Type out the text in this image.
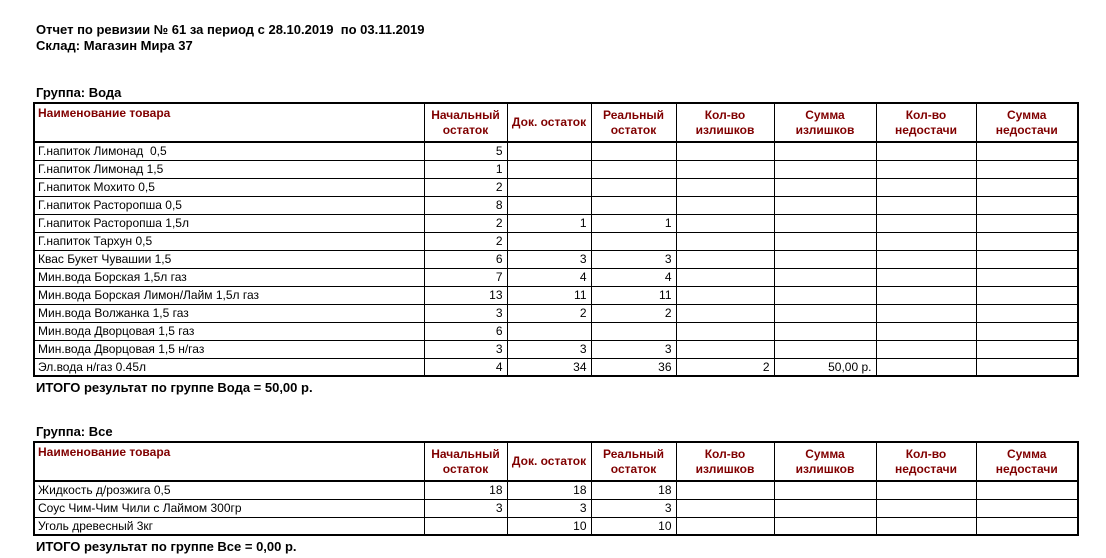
Отчет по ревизии № 61 за период с 28.10.2019  по 03.11.2019
Склад: Магазин Мира 37
Группа: Вода
Наименование товара	Начальный остаток	Док. остаток	Реальный остаток	Кол-во излишков	Сумма излишков	Кол-во недостачи	Сумма недостачи
Г.напиток Лимонад  0,5	5						
Г.напиток Лимонад 1,5	1						
Г.напиток Мохито 0,5	2						
Г.напиток Расторопша 0,5	8						
Г.напиток Расторопша 1,5л	2	1	1				
Г.напиток Тархун 0,5	2						
Квас Букет Чувашии 1,5	6	3	3				
Мин.вода Борская 1,5л газ	7	4	4				
Мин.вода Борская Лимон/Лайм 1,5л газ	13	11	11				
Мин.вода Волжанка 1,5 газ	3	2	2				
Мин.вода Дворцовая 1,5 газ	6						
Мин.вода Дворцовая 1,5 н/газ	3	3	3				
Эл.вода н/газ 0.45л	4	34	36	2	50,00 р.		
ИТОГО результат по группе Вода = 50,00 р.
Группа: Все
Наименование товара	Начальный остаток	Док. остаток	Реальный остаток	Кол-во излишков	Сумма излишков	Кол-во недостачи	Сумма недостачи
Жидкость д/розжига 0,5	18	18	18				
Соус Чим-Чим Чили с Лаймом 300гр	3	3	3				
Уголь древесный 3кг		10	10				
ИТОГО результат по группе Все = 0,00 р.
